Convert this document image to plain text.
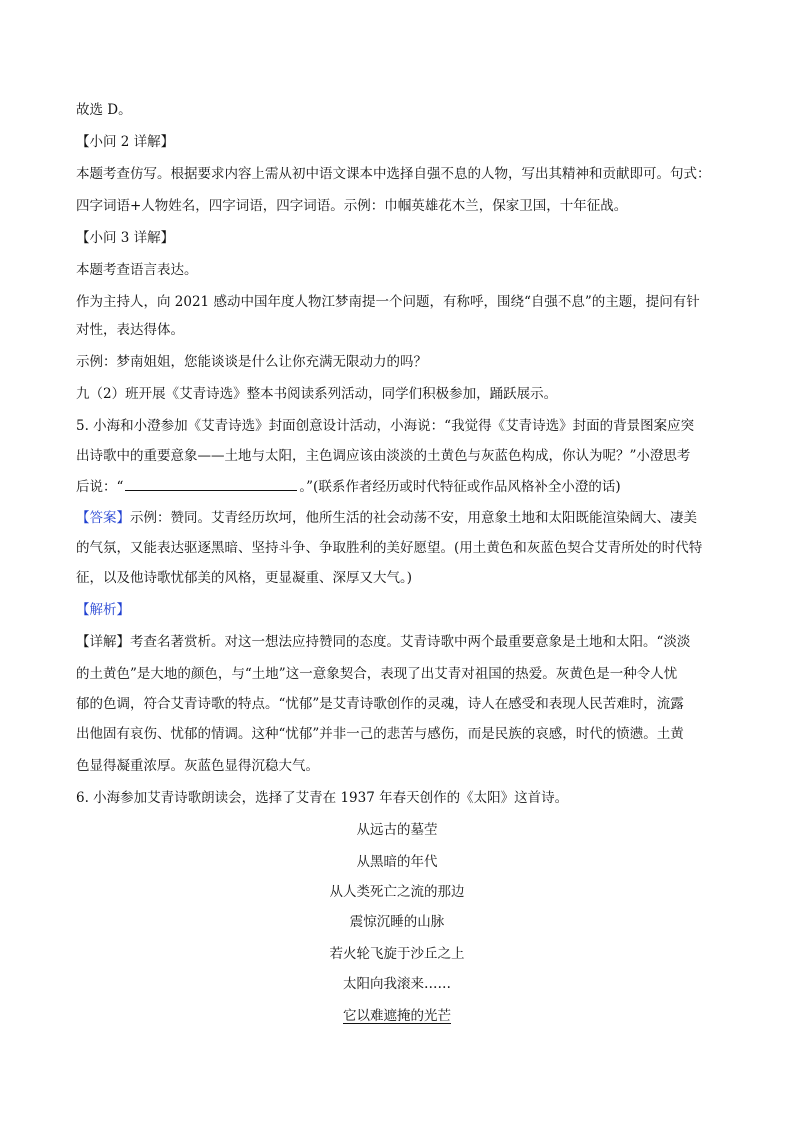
故选 D。
【小问 2 详解】
本题考查仿写。根据要求内容上需从初中语文课本中选择自强不息的人物，写出其精神和贡献即可。句式：
四字词语+人物姓名，四字词语，四字词语。示例：巾帼英雄花木兰，保家卫国，十年征战。
【小问 3 详解】
本题考查语言表达。
作为主持人，向 2021 感动中国年度人物江梦南提一个问题，有称呼，围绕“自强不息”的主题，提问有针
对性，表达得体。
示例：梦南姐姐，您能谈谈是什么让你充满无限动力的吗？
九（2）班开展《艾青诗选》整本书阅读系列活动，同学们积极参加，踊跃展示。
5. 小海和小澄参加《艾青诗选》封面创意设计活动，小海说：“我觉得《艾青诗选》封面的背景图案应突
出诗歌中的重要意象——土地与太阳，主色调应该由淡淡的土黄色与灰蓝色构成，你认为呢？”小澄思考
后说：“	。”(联系作者经历或时代特征或作品风格补全小澄的话)
【答案】示例：赞同。艾青经历坎坷，他所生活的社会动荡不安，用意象土地和太阳既能渲染阔大、凄美
的气氛，又能表达驱逐黑暗、坚持斗争、争取胜利的美好愿望。(用土黄色和灰蓝色契合艾青所处的时代特
征，以及他诗歌忧郁美的风格，更显凝重、深厚又大气。)
【解析】
【详解】考查名著赏析。对这一想法应持赞同的态度。艾青诗歌中两个最重要意象是土地和太阳。“淡淡
的土黄色”是大地的颜色，与“土地”这一意象契合，表现了出艾青对祖国的热爱。灰黄色是一种令人忧
郁的色调，符合艾青诗歌的特点。“忧郁”是艾青诗歌创作的灵魂，诗人在感受和表现人民苦难时，流露
出他固有哀伤、忧郁的情调。这种“忧郁”并非一己的悲苦与感伤，而是民族的哀感，时代的愤懑。土黄
色显得凝重浓厚。灰蓝色显得沉稳大气。
6. 小海参加艾青诗歌朗读会，选择了艾青在 1937 年春天创作的《太阳》这首诗。
从远古的墓茔
从黑暗的年代
从人类死亡之流的那边
震惊沉睡的山脉
若火轮飞旋于沙丘之上
太阳向我滚来……
它以难遮掩的光芒
